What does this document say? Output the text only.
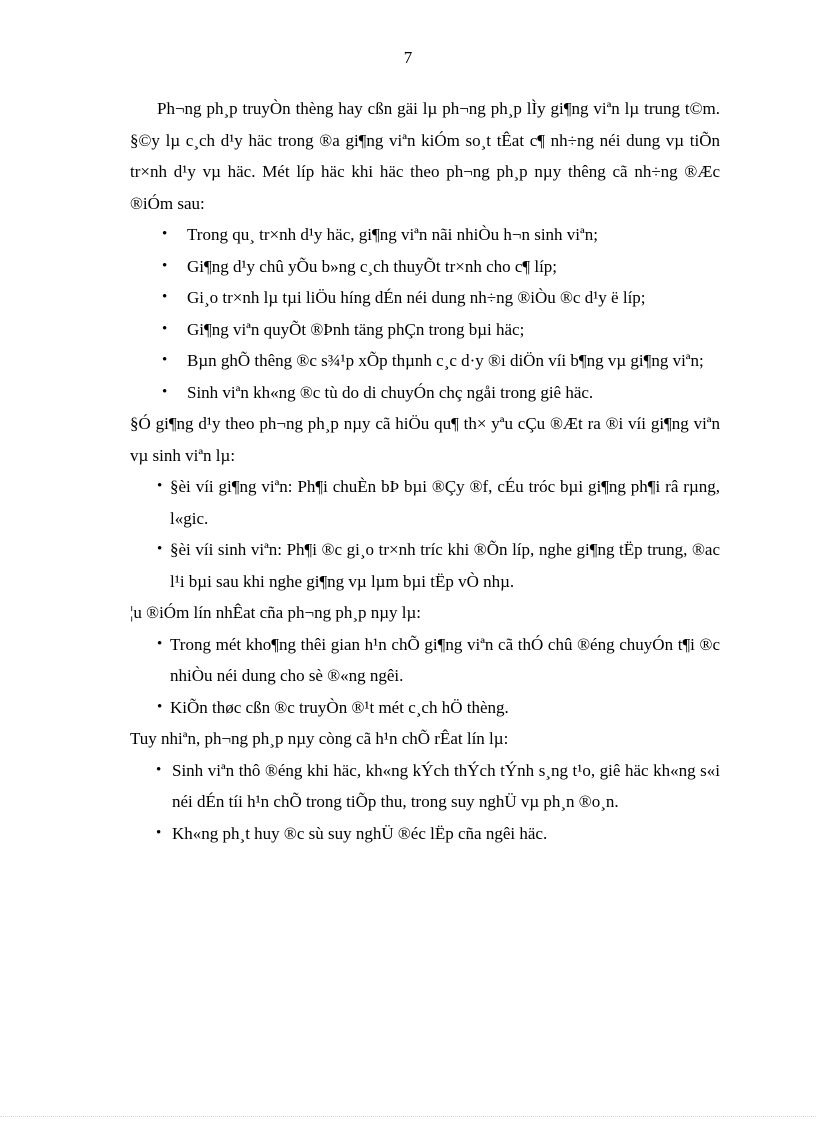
7

Ph¬ng ph¸p truyÒn thèng hay cßn gäi lµ ph¬ng ph¸p lÌy gi¶ng viªn lµ trung t©m. §©y lµ c¸ch d¹y häc trong ®a gi¶ng viªn kiÓm so¸t tÊat c¶ nh÷ng néi dung vµ tiÕn tr×nh d¹y vµ häc. Mét líp häc khi häc theo ph¬ng ph¸p nµy thêng cã nh÷ng ®Æc ®iÓm sau:

• Trong qu¸ tr×nh d¹y häc, gi¶ng viªn nãi nhiÒu h¬n sinh viªn;
• Gi¶ng d¹y chû yÕu b»ng c¸ch thuyÕt tr×nh cho c¶ líp;
• Gi¸o tr×nh lµ tµi liÖu híng dÉn néi dung nh÷ng ®iÒu ®c d¹y ë líp;
• Gi¶ng viªn quyÕt ®Þnh täng phÇn trong bµi häc;
• Bµn ghÕ thêng ®c s¾¹p xÕp thµnh c¸c d·y ®i diÖn víi b¶ng vµ gi¶ng viªn;
• Sinh viªn kh«ng ®c tù do di chuyÓn chç ngåi trong giê häc.

§Ó gi¶ng d¹y theo ph¬ng ph¸p nµy cã hiÖu qu¶ th× yªu cÇu ®Æt ra ®i víi gi¶ng viªn vµ sinh viªn lµ:

• §èi víi gi¶ng viªn: Ph¶i chuÈn bÞ bµi ®Çy ®f, cÉu tróc bµi gi¶ng ph¶i râ rµng, l«gic.
• §èi víi sinh viªn: Ph¶i ®c gi¸o tr×nh tríc khi ®Õn líp, nghe gi¶ng tËp trung, ®ac l¹i bµi sau khi nghe gi¶ng vµ lµm bµi tËp vÒ nhµ.

¦u ®iÓm lín nhÊat cña ph¬ng ph¸p nµy lµ:

• Trong mét kho¶ng thêi gian h¹n chÕ gi¶ng viªn cã thÓ chû ®éng chuyÓn t¶i ®c nhiÒu néi dung cho sè ®«ng ngêi.
• KiÕn thøc cßn ®c truyÒn ®¹t mét c¸ch hÖ thèng.

Tuy nhiªn, ph¬ng ph¸p nµy còng cã h¹n chÕ rÊat lín lµ:

• Sinh viªn thô ®éng khi häc, kh«ng kÝch thÝch tÝnh s¸ng t¹o, giê häc kh«ng s«i néi dÉn tíi h¹n chÕ trong tiÕp thu, trong suy nghÜ vµ ph¸n ®o¸n.
• Kh«ng ph¸t huy ®c sù suy nghÜ ®éc lËp cña ngêi häc.
